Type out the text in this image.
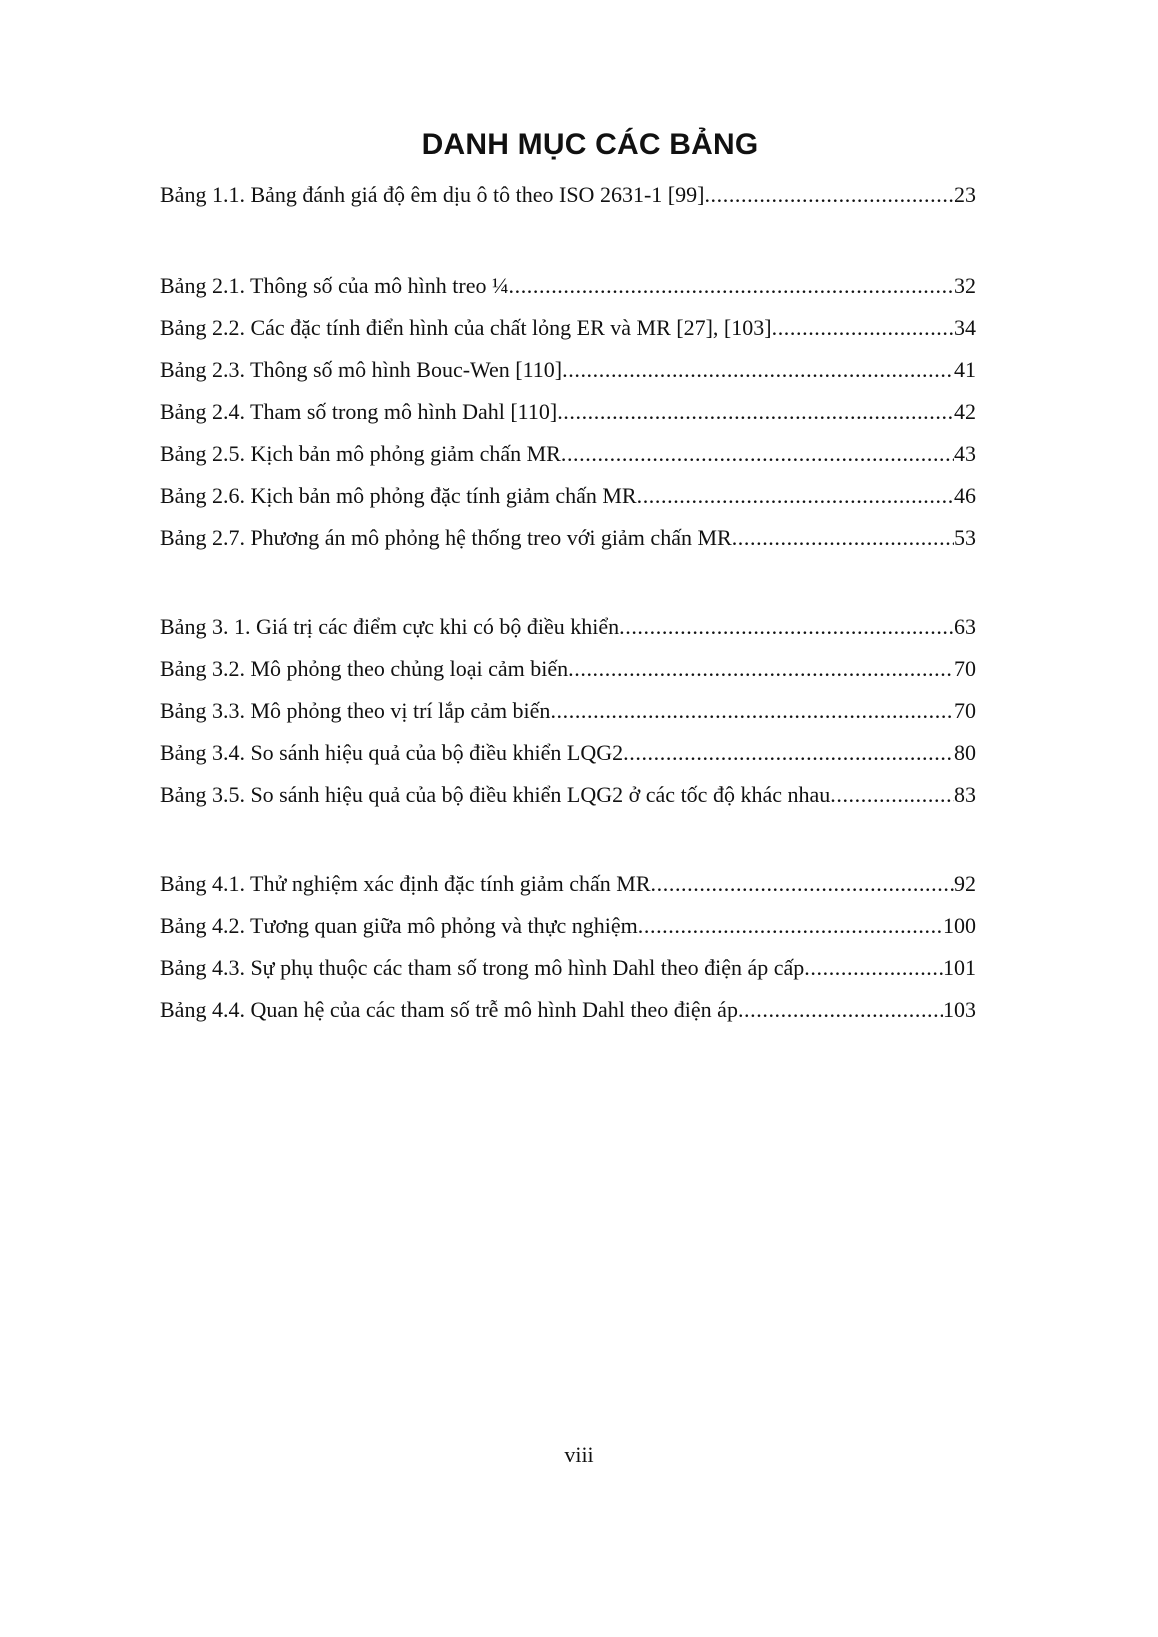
DANH MỤC CÁC BẢNG
Bảng 1.1. Bảng đánh giá độ êm dịu ô tô theo ISO 2631-1 [99] .....	23
Bảng 2.1. Thông số của mô hình treo ¼ .....	32
Bảng 2.2. Các đặc tính điển hình của chất lỏng ER và MR [27], [103] .....	34
Bảng 2.3. Thông số mô hình Bouc-Wen [110] .....	41
Bảng 2.4. Tham số trong mô hình Dahl [110] .....	42
Bảng 2.5. Kịch bản mô phỏng giảm chấn MR .....	43
Bảng 2.6. Kịch bản mô phỏng đặc tính giảm chấn MR .....	46
Bảng 2.7. Phương án mô phỏng hệ thống treo với giảm chấn MR .....	53
Bảng 3. 1. Giá trị các điểm cực khi có bộ điều khiển .....	63
Bảng 3.2. Mô phỏng theo chủng loại cảm biến .....	70
Bảng 3.3. Mô phỏng theo vị trí lắp cảm biến .....	70
Bảng 3.4. So sánh hiệu quả của bộ điều khiển LQG2 .....	80
Bảng 3.5. So sánh hiệu quả của bộ điều khiển LQG2 ở các tốc độ khác nhau .....	83
Bảng 4.1. Thử nghiệm xác định đặc tính giảm chấn MR .....	92
Bảng 4.2. Tương quan giữa mô phỏng và thực nghiệm .....	100
Bảng 4.3. Sự phụ thuộc các tham số trong mô hình Dahl theo điện áp cấp .....	101
Bảng 4.4. Quan hệ của các tham số trễ mô hình Dahl theo điện áp .....	103
viii
